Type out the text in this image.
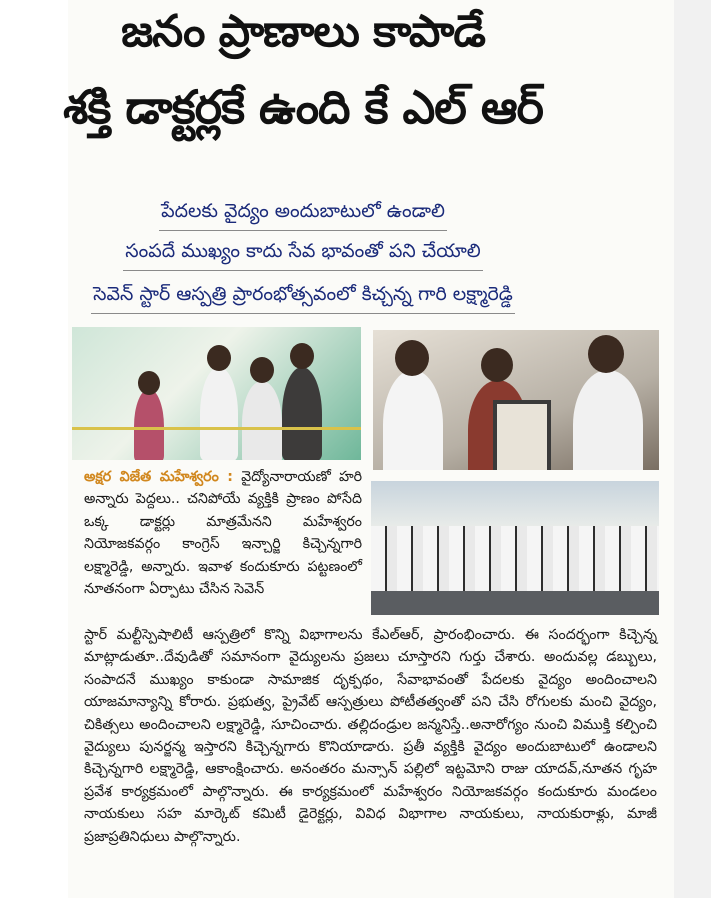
జనం ప్రాణాలు కాపాడే
శక్తి డాక్టర్లకే ఉంది కే ఎల్ ఆర్
పేదలకు వైద్యం అందుబాటులో ఉండాలి
సంపదే ముఖ్యం కాదు సేవ భావంతో పని చేయాలి
సెవెన్ స్టార్ ఆస్పత్రి ప్రారంభోత్సవంలో కిచ్చన్న గారి లక్ష్మారెడ్డి
అక్షర విజేత మహేశ్వరం : వైద్యోనారాయణో హరి అన్నారు పెద్దలు.. చనిపోయే వ్యక్తికి ప్రాణం పోసేది ఒక్క డాక్టర్లు మాత్రమేనని మహేశ్వరం నియోజకవర్గం కాంగ్రెస్ ఇన్చార్జి కిచ్చెన్నగారి లక్ష్మారెడ్డి, అన్నారు. ఇవాళ కందుకూరు పట్టణంలో నూతనంగా ఏర్పాటు చేసిన సెవెన్
స్టార్ మల్టీస్పెషాలిటీ ఆస్పత్రిలో కొన్ని విభాగాలను కేఎల్ఆర్, ప్రారంభించారు. ఈ సందర్భంగా కిచ్చెన్న మాట్లాడుతూ..దేవుడితో సమానంగా వైద్యులను ప్రజలు చూస్తారని గుర్తు చేశారు. అందువల్ల డబ్బులు, సంపాదనే ముఖ్యం కాకుండా సామాజిక దృక్పథం, సేవాభావంతో పేదలకు వైద్యం అందించాలని యాజమాన్యాన్ని కోరారు. ప్రభుత్వ, ప్రైవేట్ ఆస్పత్రులు పోటీతత్వంతో పని చేసి రోగులకు మంచి వైద్యం, చికిత్సలు అందించాలని లక్ష్మారెడ్డి, సూచించారు. తల్లిదండ్రుల జన్మనిస్తే..అనారోగ్యం నుంచి విముక్తి కల్పించి వైద్యులు పునర్జన్మ ఇస్తారని కిచ్చెన్నగారు కొనియాడారు. ప్రతీ వ్యక్తికి వైద్యం అందుబాటులో ఉండాలని కిచ్చెన్నగారి లక్ష్మారెడ్డి, ఆకాంక్షించారు. అనంతరం మన్సాన్ పల్లిలో ఇట్టమోని రాజు యాదవ్,నూతన గృహ ప్రవేశ కార్యక్రమంలో పాల్గొన్నారు. ఈ కార్యక్రమంలో మహేశ్వరం నియోజకవర్గం కందుకూరు మండలం నాయకులు సహ మార్కెట్ కమిటీ డైరెక్టర్లు, వివిధ విభాగాల నాయకులు, నాయకురాళ్లు, మాజీ ప్రజాప్రతినిధులు పాల్గొన్నారు.
